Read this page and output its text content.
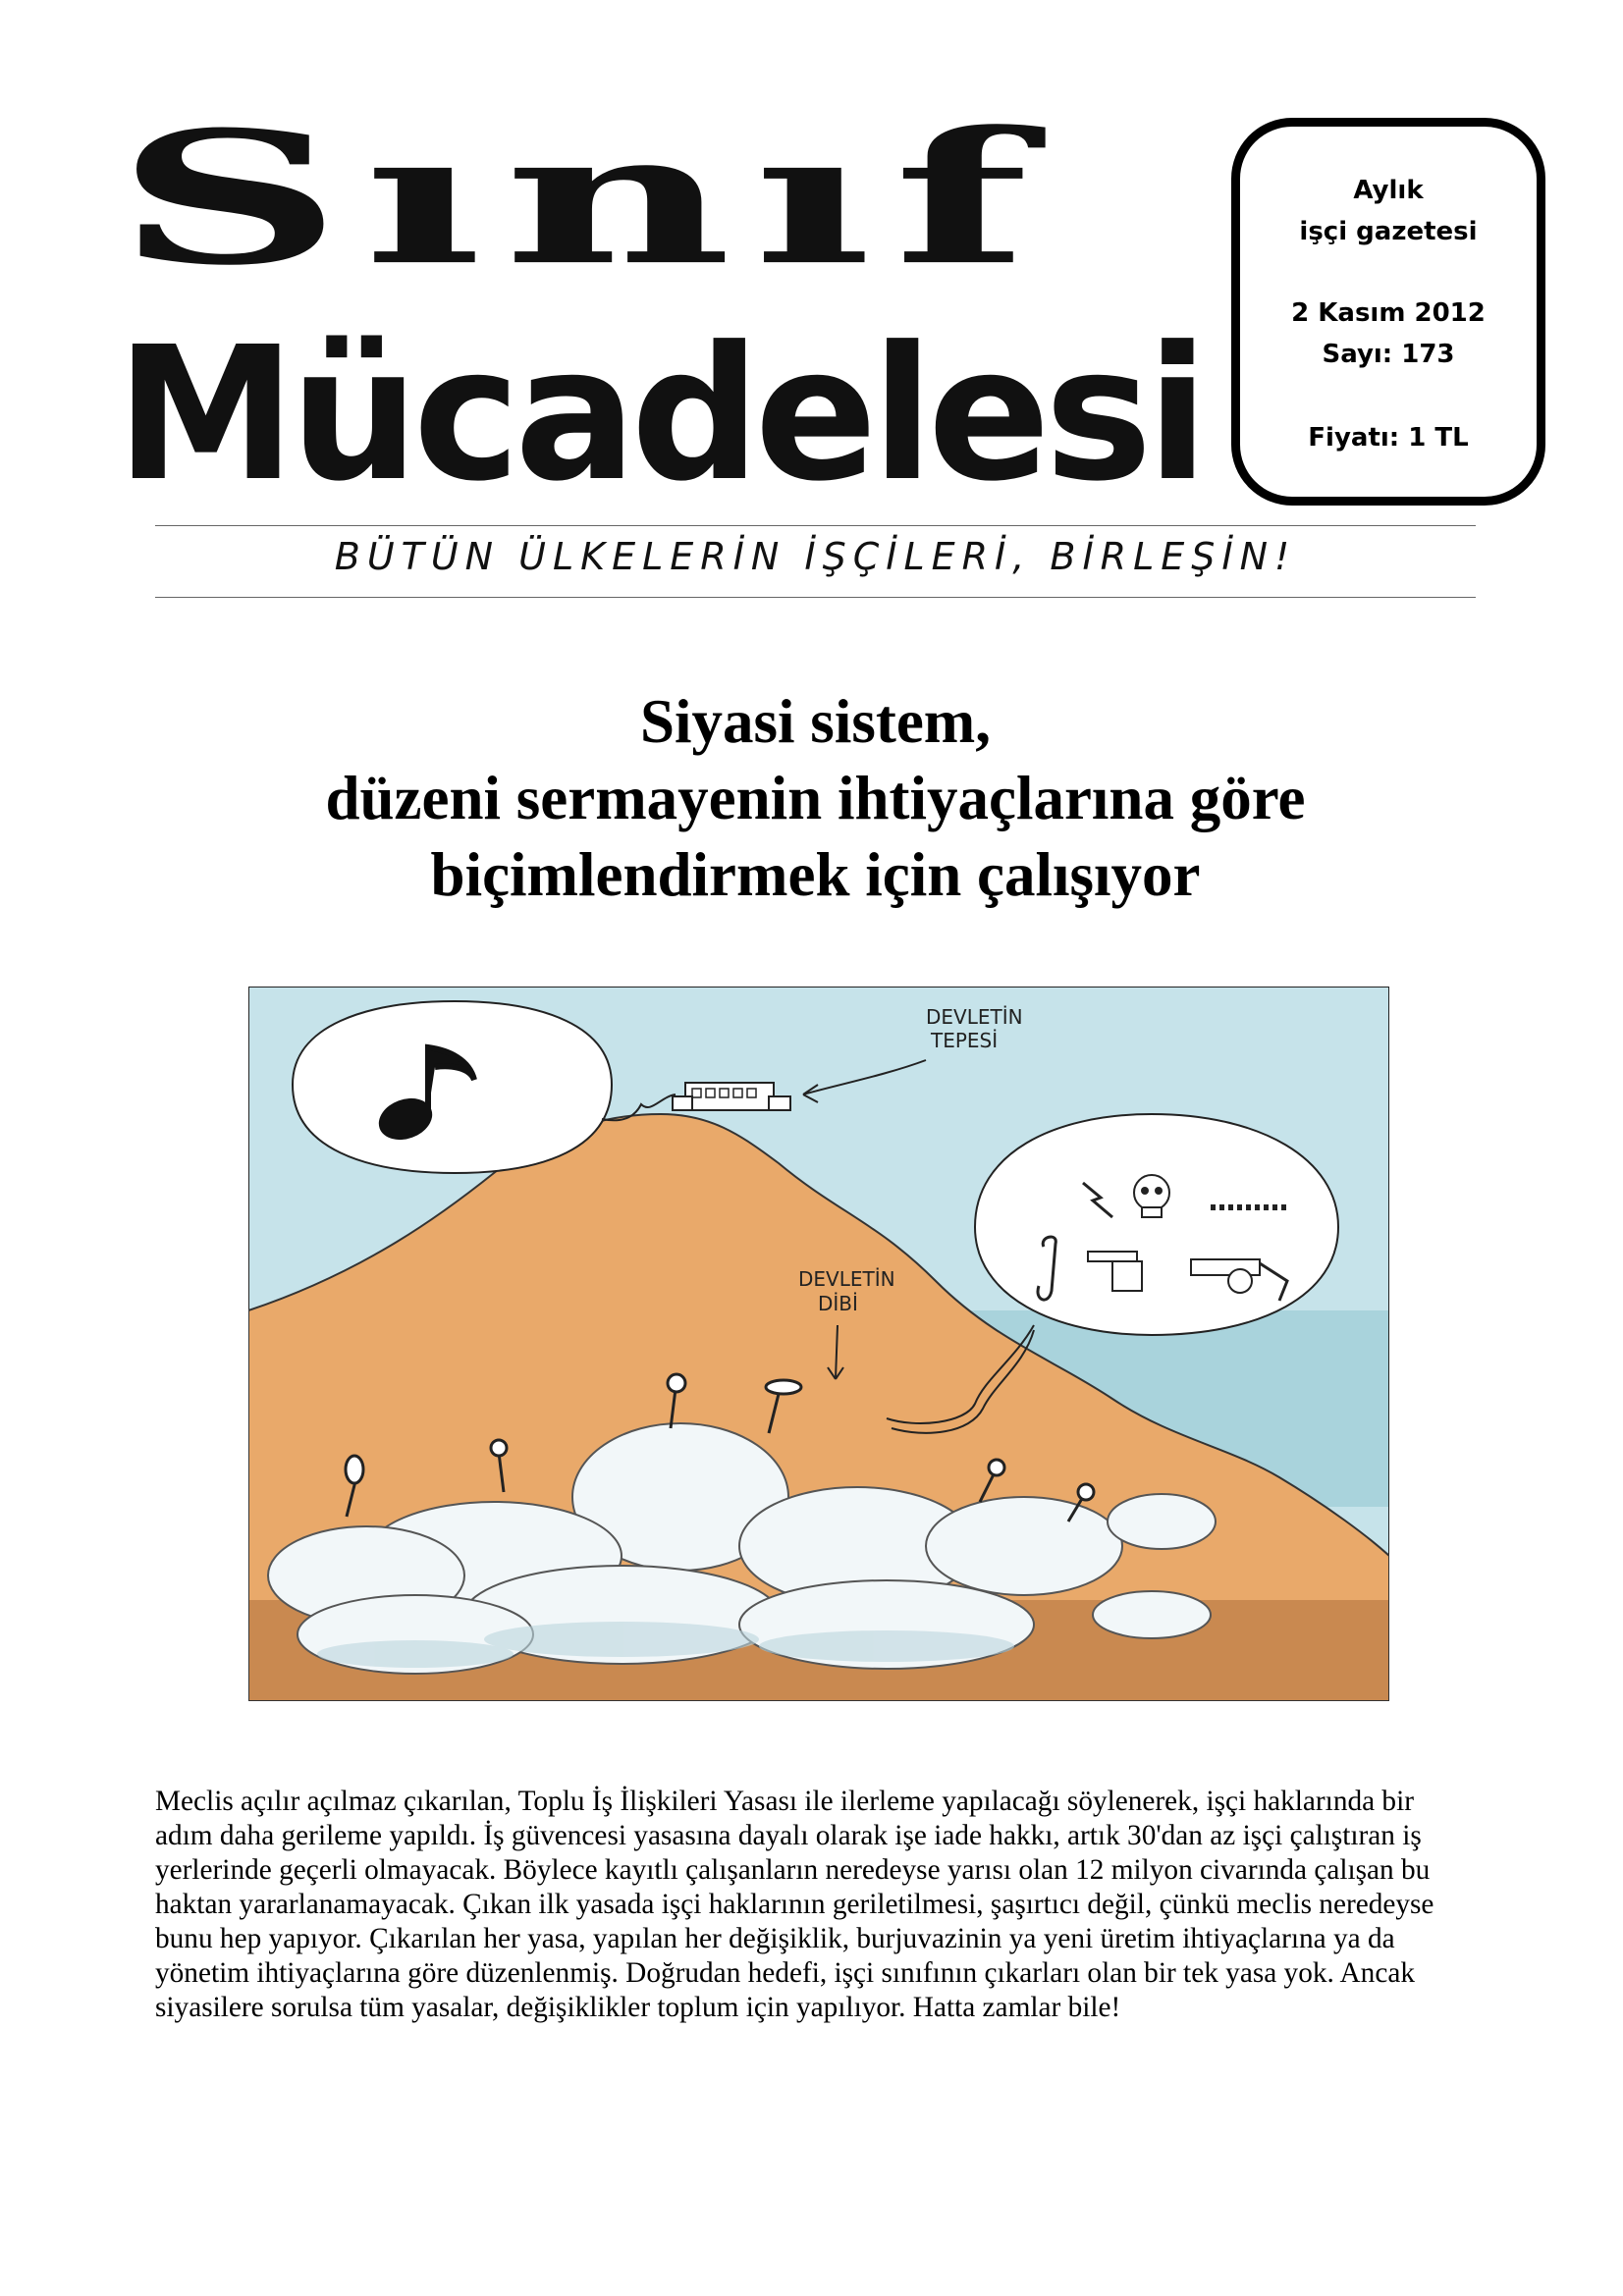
Sınıf
Mücadelesi
Aylık
işçi gazetesi
2 Kasım 2012
Sayı: 173
Fiyatı: 1 TL
BÜTÜN ÜLKELERİN İŞÇİLERİ, BİRLEŞİN!
Siyasi sistem,
düzeni sermayenin ihtiyaçlarına göre
biçimlendirmek için çalışıyor
DEVLETİN
TEPESİ
DEVLETİN
DİBİ
Meclis açılır açılmaz çıkarılan, Toplu İş İlişkileri Yasası ile ilerleme yapılacağı söylenerek, işçi haklarında bir adım daha gerileme yapıldı. İş güvencesi yasasına dayalı olarak işe iade hakkı, artık 30'dan az işçi çalıştıran iş yerlerinde geçerli olmayacak. Böylece kayıtlı çalışanların neredeyse yarısı olan 12 milyon civarında çalışan bu haktan yararlanamayacak. Çıkan ilk yasada işçi haklarının geriletilmesi, şaşırtıcı değil, çünkü meclis neredeyse bunu hep yapıyor. Çıkarılan her yasa, yapılan her değişiklik, burjuvazinin ya yeni üretim ihtiyaçlarına ya da yönetim ihtiyaçlarına göre düzenlenmiş. Doğrudan hedefi, işçi sınıfının çıkarları olan bir tek yasa yok. Ancak siyasilere sorulsa tüm yasalar, değişiklikler toplum için yapılıyor. Hatta zamlar bile!
